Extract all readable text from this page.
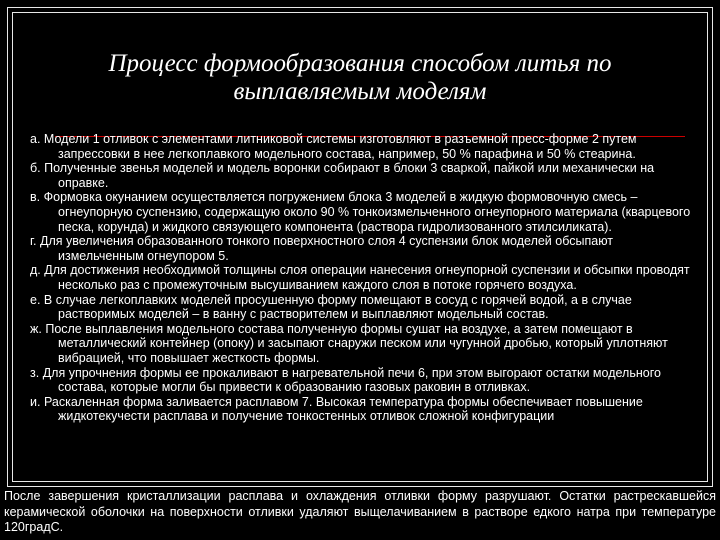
Процесс формообразования способом литья по выплавляемым моделям
а. Модели 1 отливок с элементами литниковой системы изготовляют в разъемной пресс-форме 2 путем запрессовки в нее легкоплавкого модельного состава, например, 50 % парафина и 50 % стеарина.
б. Полученные звенья моделей и модель воронки собирают в блоки 3 сваркой, пайкой или механически на оправке.
в. Формовка окунанием осуществляется погружением блока 3 моделей в жидкую формовочную смесь – огнеупорную суспензию, содержащую около 90 % тонкоизмельченного огнеупорного материала (кварцевого песка, корунда) и жидкого связующего компонента (раствора гидролизованного этилсиликата).
г. Для увеличения образованного тонкого поверхностного слоя 4 суспензии блок моделей обсыпают измельченным огнеупором 5.
д. Для достижения необходимой толщины слоя операции нанесения огнеупорной суспензии и обсыпки проводят несколько раз с промежуточным высушиванием каждого слоя в потоке горячего воздуха.
е. В случае легкоплавких моделей просушенную форму помещают в сосуд с горячей водой, а в случае растворимых моделей – в ванну с растворителем и выплавляют модельный состав.
ж. После выплавления модельного состава полученную формы сушат на воздухе, а затем помещают в металлический контейнер (опоку) и засыпают снаружи песком или чугунной дробью, который уплотняют вибрацией, что повышает жесткость формы.
з. Для упрочнения формы ее прокаливают в нагревательной печи 6, при этом выгорают остатки модельного состава, которые могли бы привести к образованию газовых раковин в отливках.
и. Раскаленная форма заливается расплавом 7. Высокая температура формы обеспечивает повышение жидкотекучести расплава и получение тонкостенных отливок сложной конфигурации
После завершения кристаллизации расплава и охлаждения отливки форму разрушают. Остатки растрескавшейся керамической оболочки на поверхности отливки удаляют выщелачиванием в растворе едкого натра при температуре 120градС.
